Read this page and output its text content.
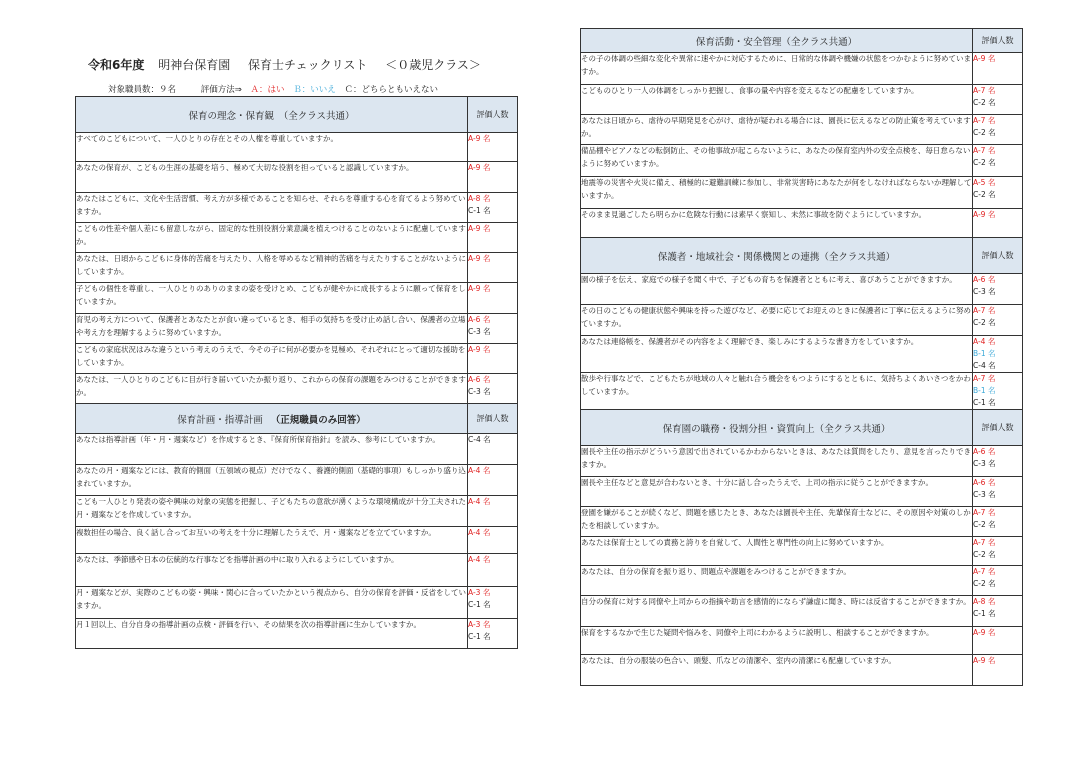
令和6年度 明神台保育園 保育士チェックリスト ＜０歳児クラス＞
対象職員数：９名	評価方法⇒ Ａ：はい Ｂ：いいえ Ｃ：どちらともいえない
保育の理念・保育観　（全クラス共通）	評価人数
すべてのこどもについて、一人ひとりの存在とその人権を尊重していますか。	A-9 名

あなたの保育が、こどもの生涯の基礎を培う、極めて大切な役割を担っていると認識していますか。	A-9 名

あなたはこどもに、文化や生活習慣、考え方が多様であることを知らせ、それらを尊重する心を育てるよう努めていますか。	A-8 名
C-1 名

こどもの性差や個人差にも留意しながら、固定的な性別役割分業意識を植えつけることのないように配慮していますか。	A-9 名

あなたは、日頃からこどもに身体的苦痛を与えたり、人格を辱めるなど精神的苦痛を与えたりすることがないようにしていますか。	A-9 名

子どもの個性を尊重し、一人ひとりのありのままの姿を受けとめ、こどもが健やかに成長するように願って保育をしていますか。	A-9 名

育児の考え方について、保護者とあなたとが食い違っているとき、相手の気持ちを受け止め話し合い、保護者の立場や考え方を理解するように努めていますか。	A-6 名
C-3 名

こどもの家庭状況はみな違うという考えのうえで、今その子に何が必要かを見極め、それぞれにとって適切な援助をしていますか。	A-9 名

あなたは、一人ひとりのこどもに目が行き届いていたか振り返り、これからの保育の課題をみつけることができますか。	A-6 名
C-3 名

保育計画・指導計画 （正規職員のみ回答）	評価人数
あなたは指導計画（年・月・週案など）を作成するとき、『保育所保育指針』を読み、参考にしていますか。	C-4 名

あなたの月・週案などには、教育的側面（五領域の視点）だけでなく、養護的側面（基礎的事項）もしっかり盛り込まれていますか。	A-4 名

こども一人ひとり発表の姿や興味の対象の実態を把握し、子どもたちの意欲が湧くような環境構成が十分工夫された月・週案などを作成していますか。	A-4 名

複数担任の場合、良く話し合ってお互いの考えを十分に理解したうえで、月・週案などを立てていますか。	A-4 名

あなたは、季節感や日本の伝統的な行事などを指導計画の中に取り入れるようにしていますか。	A-4 名

月・週案などが、実際のこどもの姿・興味・関心に合っていたかという視点から、自分の保育を評価・反省をしていますか。	A-3 名
C-1 名

月１回以上、自分自身の指導計画の点検・評価を行い、その結果を次の指導計画に生かしていますか。	A-3 名
C-1 名
保育活動・安全管理（全クラス共通）	評価人数
その子の体調の些細な変化や異常に速やかに対応するために、日常的な体調や機嫌の状態をつかむように努めていますか。	A-9 名

こどものひとり一人の体調をしっかり把握し、食事の量や内容を変えるなどの配慮をしていますか。	A-7 名
C-2 名

あなたは日頃から、虐待の早期発見を心がけ、虐待が疑われる場合には、園長に伝えるなどの防止策を考えていますか。	A-7 名
C-2 名

備品棚やピアノなどの転倒防止、その他事故が起こらないように、あなたの保育室内外の安全点検を、毎日怠らないように努めていますか。	A-7 名
C-2 名

地震等の災害や火災に備え、積極的に避難訓練に参加し、非常災害時にあなたが何をしなければならないか理解していますか。	A-5 名
C-2 名

そのまま見過ごしたら明らかに危険な行動には素早く察知し、未然に事故を防ぐようにしていますか。	A-9 名

保護者・地域社会・関係機関との連携（全クラス共通）	評価人数
園の様子を伝え、家庭での様子を聞く中で、子どもの育ちを保護者とともに考え、喜びあうことができますか。	A-6 名
C-3 名

その日のこどもの健康状態や興味を持った遊びなど、必要に応じてお迎えのときに保護者に丁寧に伝えるように努めていますか。	A-7 名
C-2 名

あなたは連絡帳を、保護者がその内容をよく理解でき、楽しみにするような書き方をしていますか。	A-4 名
B-1 名
C-4 名

散歩や行事などで、こどもたちが地域の人々と触れ合う機会をもつようにするとともに、気持ちよくあいさつをかわしていますか。	A-7 名
B-1 名
C-1 名

保育園の職務・役割分担・資質向上（全クラス共通）	評価人数
園長や主任の指示がどういう意図で出されているかわからないときは、あなたは質問をしたり、意見を言ったりできますか。	A-6 名
C-3 名

園長や主任などと意見が合わないとき、十分に話し合ったうえで、上司の指示に従うことができますか。	A-6 名
C-3 名

登園を嫌がることが続くなど、問題を感じたとき、あなたは園長や主任、先輩保育士などに、その原因や対策のしかたを相談していますか。	A-7 名
C-2 名

あなたは保育士としての責務と誇りを自覚して、人間性と専門性の向上に努めていますか。	A-7 名
C-2 名

あなたは、自分の保育を振り返り、問題点や課題をみつけることができますか。	A-7 名
C-2 名

自分の保育に対する同僚や上司からの指摘や助言を感情的にならず謙虚に聞き、時には反省することができますか。	A-8 名
C-1 名

保育をするなかで生じた疑問や悩みを、同僚や上司にわかるように説明し、相談することができますか。	A-9 名

あなたは、自分の服装の色合い、頭髪、爪などの清潔や、室内の清潔にも配慮していますか。	A-9 名
